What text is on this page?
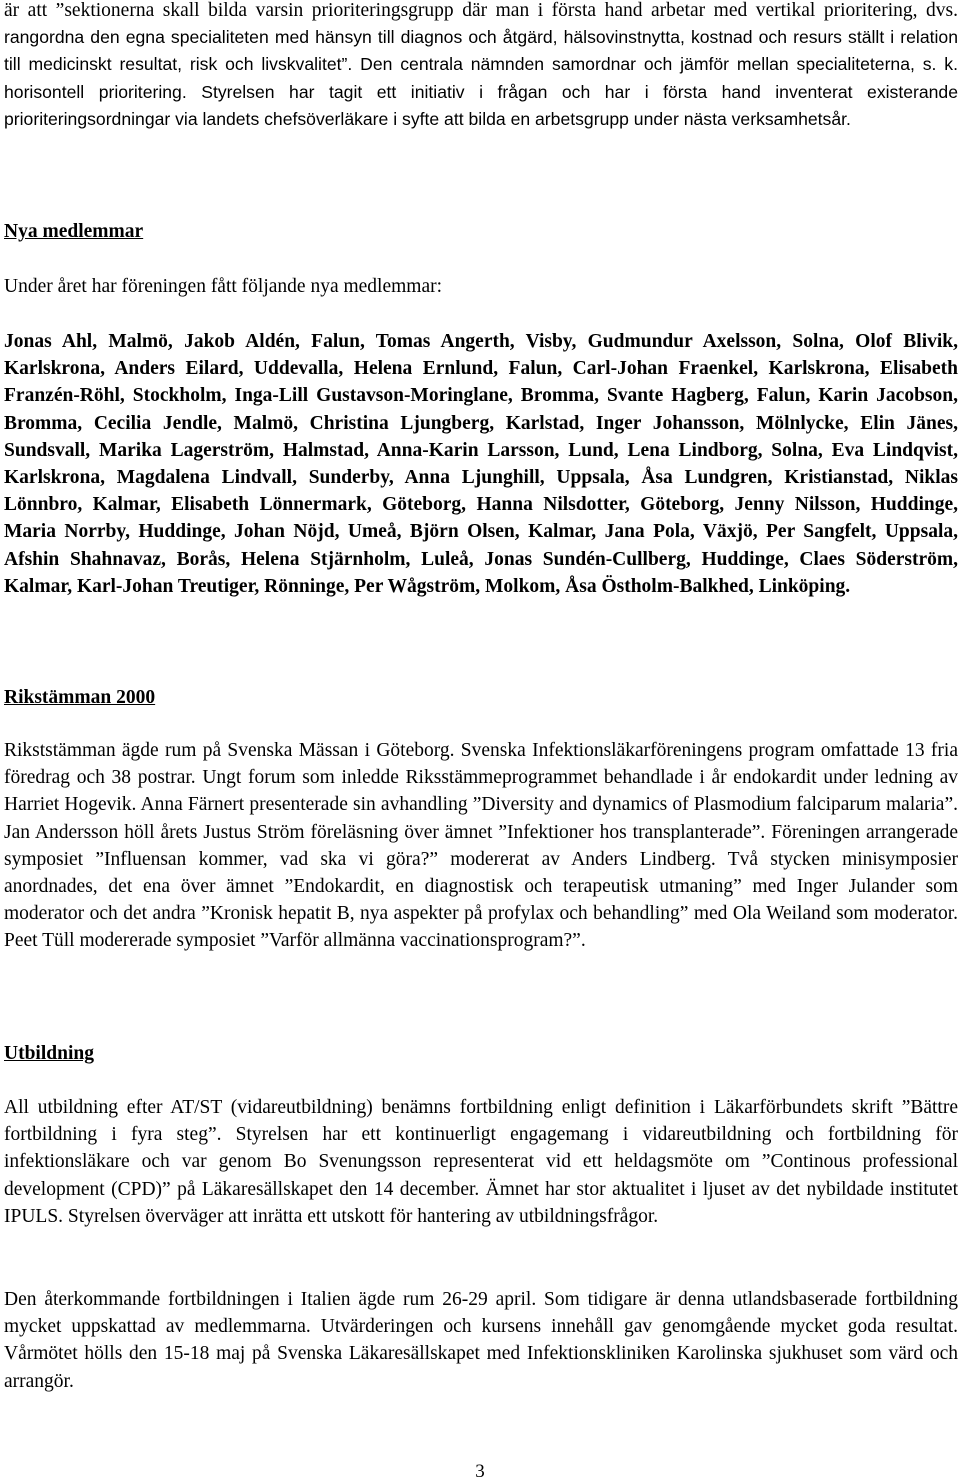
är att ”sektionerna skall bilda varsin prioriteringsgrupp där man i första hand arbetar med vertikal prioritering, dvs. rangordna den egna specialiteten med hänsyn till diagnos och åtgärd, hälsovinstnytta, kostnad och resurs ställt i relation till medicinskt resultat, risk och livskvalitet”. Den centrala nämnden samordnar och jämför mellan specialiteterna, s. k. horisontell prioritering. Styrelsen har tagit ett initiativ i frågan och har i första hand inventerat existerande prioriteringsordningar via landets chefsöverläkare i syfte att bilda en arbetsgrupp under nästa verksamhetsår.

Nya medlemmar

Under året har föreningen fått följande nya medlemmar:

Jonas Ahl, Malmö, Jakob Aldén, Falun, Tomas Angerth, Visby, Gudmundur Axelsson, Solna, Olof Blivik, Karlskrona, Anders Eilard, Uddevalla, Helena Ernlund, Falun, Carl-Johan Fraenkel, Karlskrona, Elisabeth Franzén-Röhl, Stockholm, Inga-Lill Gustavson-Moringlane, Bromma, Svante Hagberg, Falun, Karin Jacobson, Bromma, Cecilia Jendle, Malmö, Christina Ljungberg, Karlstad, Inger Johansson, Mölnlycke, Elin Jänes, Sundsvall, Marika Lagerström, Halmstad, Anna-Karin Larsson, Lund, Lena Lindborg, Solna, Eva Lindqvist, Karlskrona, Magdalena Lindvall, Sunderby, Anna Ljunghill, Uppsala, Åsa Lundgren, Kristianstad, Niklas Lönnbro, Kalmar, Elisabeth Lönnermark, Göteborg, Hanna Nilsdotter, Göteborg, Jenny Nilsson, Huddinge, Maria Norrby, Huddinge, Johan Nöjd, Umeå, Björn Olsen, Kalmar, Jana Pola, Växjö, Per Sangfelt, Uppsala, Afshin Shahnavaz, Borås, Helena Stjärnholm, Luleå, Jonas Sundén-Cullberg, Huddinge, Claes Söderström, Kalmar, Karl-Johan Treutiger, Rönninge, Per Wågström, Molkom, Åsa Östholm-Balkhed, Linköping.

Rikstämman 2000

Rikststämman ägde rum på Svenska Mässan i Göteborg. Svenska Infektionsläkarföreningens program omfattade 13 fria föredrag och 38 postrar. Ungt forum som inledde Riksstämmeprogrammet behandlade i år endokardit under ledning av Harriet Hogevik. Anna Färnert presenterade sin avhandling ”Diversity and dynamics of Plasmodium falciparum malaria”. Jan Andersson höll årets Justus Ström föreläsning över ämnet ”Infektioner hos transplanterade”. Föreningen arrangerade symposiet ”Influensan kommer, vad ska vi göra?” modererat av Anders Lindberg. Två stycken minisymposier anordnades, det ena över ämnet ”Endokardit, en diagnostisk och terapeutisk utmaning” med Inger Julander som moderator och det andra ”Kronisk hepatit B, nya aspekter på profylax och behandling” med Ola Weiland som moderator. Peet Tüll modererade symposiet ”Varför allmänna vaccinationsprogram?”.

Utbildning

All utbildning efter AT/ST (vidareutbildning) benämns fortbildning enligt definition i Läkarförbundets skrift ”Bättre fortbildning i fyra steg”. Styrelsen har ett kontinuerligt engagemang i vidareutbildning och fortbildning för infektionsläkare och var genom Bo Svenungsson representerat vid ett heldagsmöte om ”Continous professional development (CPD)” på Läkaresällskapet den 14 december. Ämnet har stor aktualitet i ljuset av det nybildade institutet IPULS. Styrelsen överväger att inrätta ett utskott för hantering av utbildningsfrågor.

Den återkommande fortbildningen i Italien ägde rum 26-29 april. Som tidigare är denna utlandsbaserade fortbildning mycket uppskattad av medlemmarna. Utvärderingen och kursens innehåll gav genomgående mycket goda resultat. Vårmötet hölls den 15-18 maj på Svenska Läkaresällskapet med Infektionskliniken Karolinska sjukhuset som värd och arrangör.

3
